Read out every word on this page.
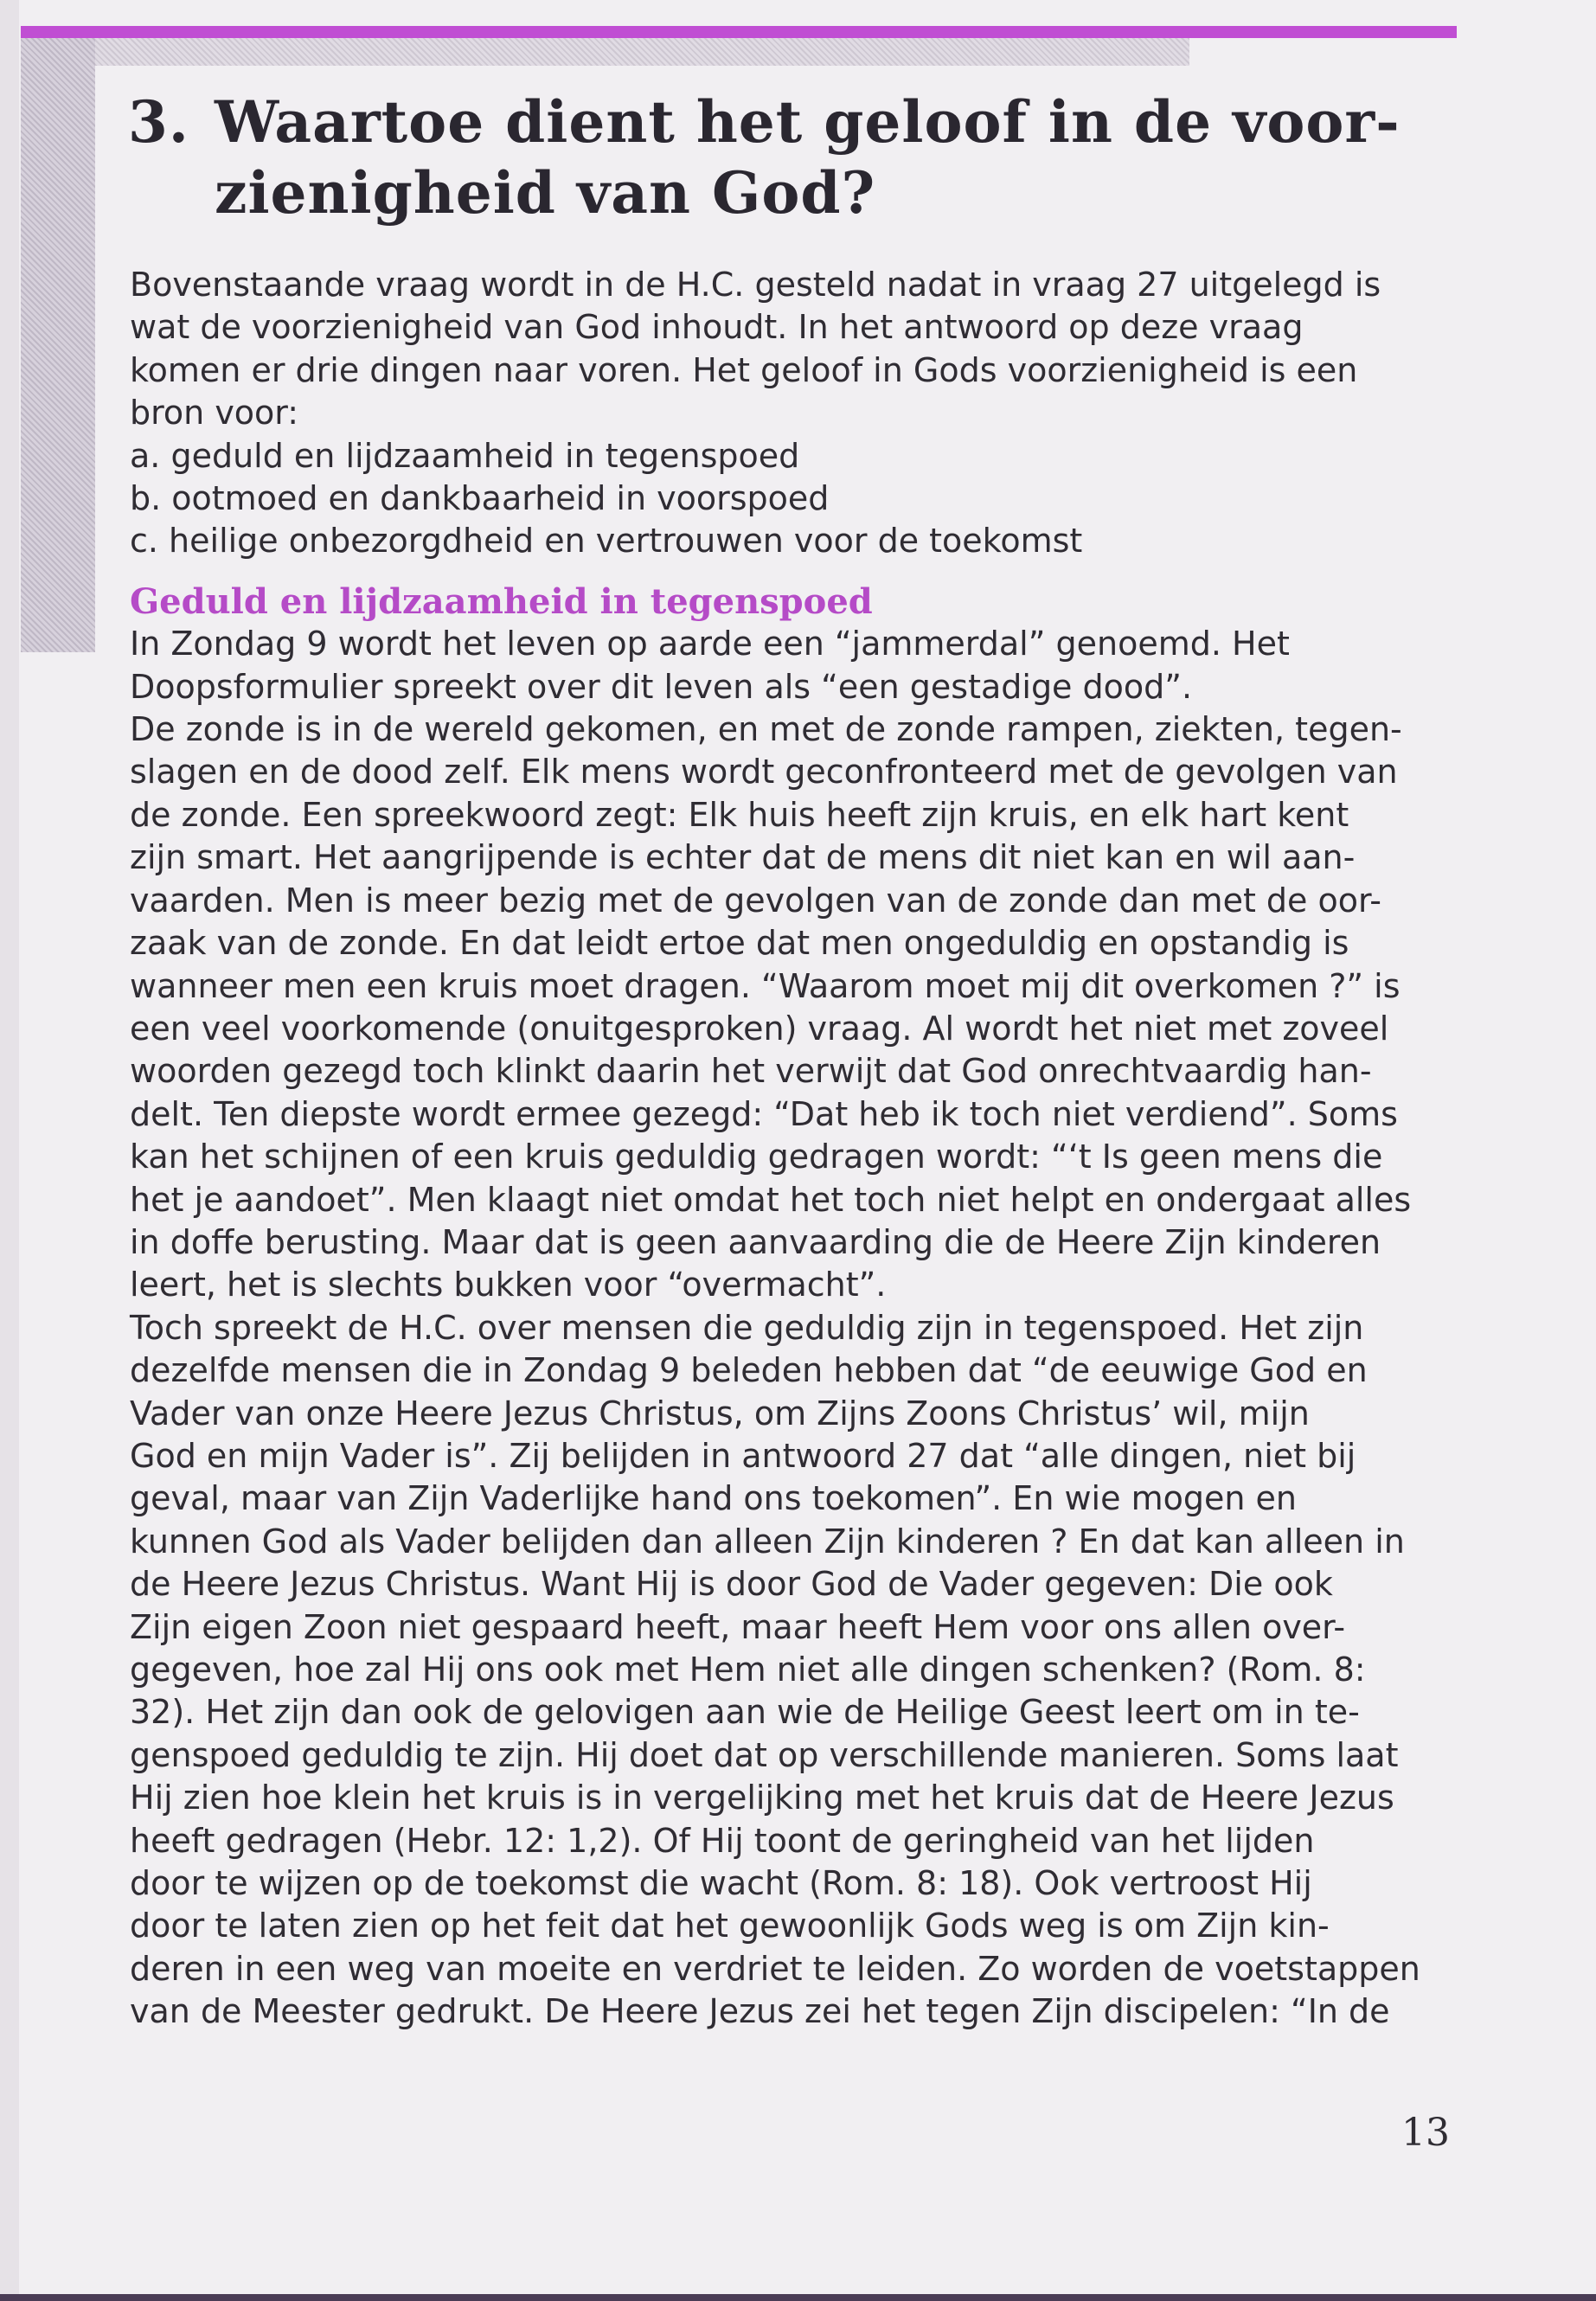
3. Waartoe dient het geloof in de voor-
zienigheid van God?
Bovenstaande vraag wordt in de H.C. gesteld nadat in vraag 27 uitgelegd is
wat de voorzienigheid van God inhoudt. In het antwoord op deze vraag
komen er drie dingen naar voren. Het geloof in Gods voorzienigheid is een
bron voor:
a. geduld en lijdzaamheid in tegenspoed
b. ootmoed en dankbaarheid in voorspoed
c. heilige onbezorgdheid en vertrouwen voor de toekomst
Geduld en lijdzaamheid in tegenspoed
In Zondag 9 wordt het leven op aarde een “jammerdal” genoemd. Het
Doopsformulier spreekt over dit leven als “een gestadige dood”.
De zonde is in de wereld gekomen, en met de zonde rampen, ziekten, tegen-
slagen en de dood zelf. Elk mens wordt geconfronteerd met de gevolgen van
de zonde. Een spreekwoord zegt: Elk huis heeft zijn kruis, en elk hart kent
zijn smart. Het aangrijpende is echter dat de mens dit niet kan en wil aan-
vaarden. Men is meer bezig met de gevolgen van de zonde dan met de oor-
zaak van de zonde. En dat leidt ertoe dat men ongeduldig en opstandig is
wanneer men een kruis moet dragen. “Waarom moet mij dit overkomen ?” is
een veel voorkomende (onuitgesproken) vraag. Al wordt het niet met zoveel
woorden gezegd toch klinkt daarin het verwijt dat God onrechtvaardig han-
delt. Ten diepste wordt ermee gezegd: “Dat heb ik toch niet verdiend”. Soms
kan het schijnen of een kruis geduldig gedragen wordt: “‘t Is geen mens die
het je aandoet”. Men klaagt niet omdat het toch niet helpt en ondergaat alles
in doffe berusting. Maar dat is geen aanvaarding die de Heere Zijn kinderen
leert, het is slechts bukken voor “overmacht”.
Toch spreekt de H.C. over mensen die geduldig zijn in tegenspoed. Het zijn
dezelfde mensen die in Zondag 9 beleden hebben dat “de eeuwige God en
Vader van onze Heere Jezus Christus, om Zijns Zoons Christus’ wil, mijn
God en mijn Vader is”. Zij belijden in antwoord 27 dat “alle dingen, niet bij
geval, maar van Zijn Vaderlijke hand ons toekomen”. En wie mogen en
kunnen God als Vader belijden dan alleen Zijn kinderen ? En dat kan alleen in
de Heere Jezus Christus. Want Hij is door God de Vader gegeven: Die ook
Zijn eigen Zoon niet gespaard heeft, maar heeft Hem voor ons allen over-
gegeven, hoe zal Hij ons ook met Hem niet alle dingen schenken? (Rom. 8:
32). Het zijn dan ook de gelovigen aan wie de Heilige Geest leert om in te-
genspoed geduldig te zijn. Hij doet dat op verschillende manieren. Soms laat
Hij zien hoe klein het kruis is in vergelijking met het kruis dat de Heere Jezus
heeft gedragen (Hebr. 12: 1,2). Of Hij toont de geringheid van het lijden
door te wijzen op de toekomst die wacht (Rom. 8: 18). Ook vertroost Hij
door te laten zien op het feit dat het gewoonlijk Gods weg is om Zijn kin-
deren in een weg van moeite en verdriet te leiden. Zo worden de voetstappen
van de Meester gedrukt. De Heere Jezus zei het tegen Zijn discipelen: “In de
13
